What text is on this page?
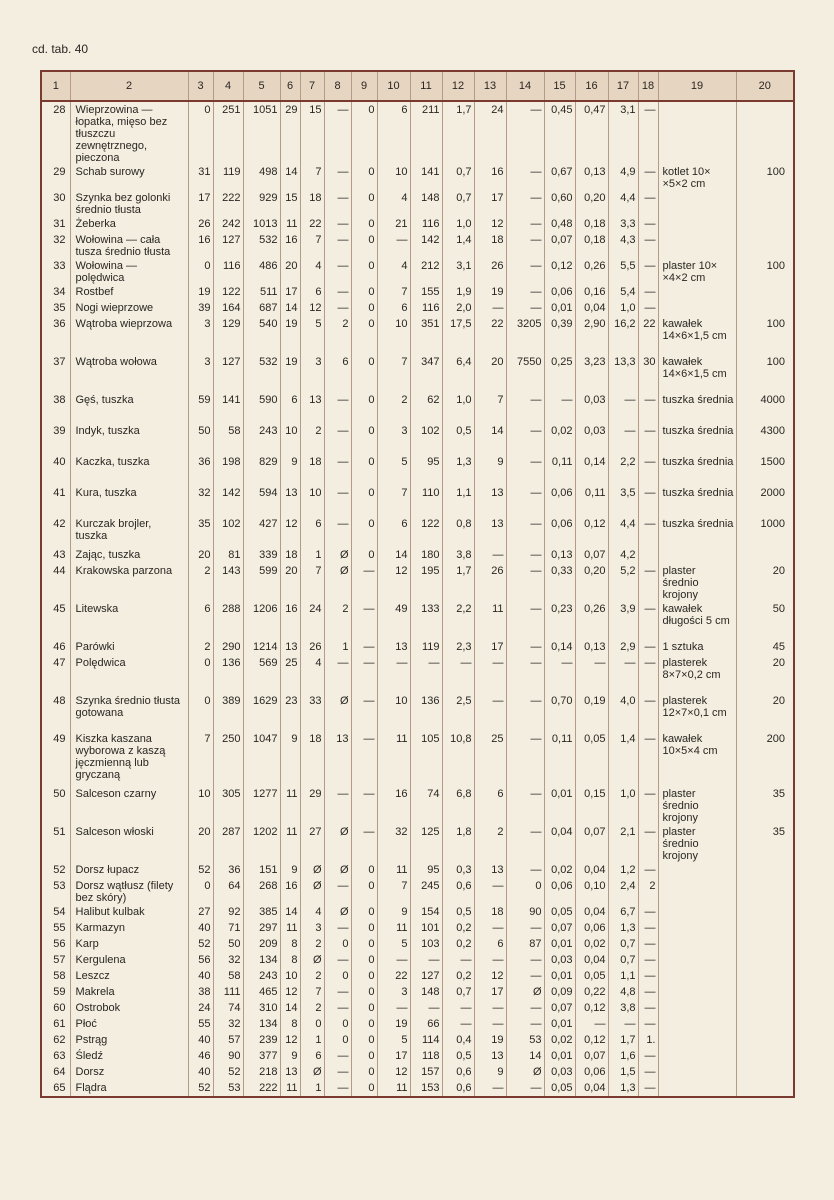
cd. tab. 40
1	2	3	4	5	6	7	8	9	10	11	12	13	14	15	16	17	18	19	20
28	Wieprzowina — łopatka, mięso bez tłuszczu zewnętrznego, pieczona	0	251	1051	29	15	—	0	6	211	1,7	24	—	0,45	0,47	3,1	—		
29	Schab surowy	31	119	498	14	7	—	0	10	141	0,7	16	—	0,67	0,13	4,9	—	kotlet 10× ×5×2 cm	100
30	Szynka bez golonki średnio tłusta	17	222	929	15	18	—	0	4	148	0,7	17	—	0,60	0,20	4,4	—		
31	Żeberka	26	242	1013	11	22	—	0	21	116	1,0	12	—	0,48	0,18	3,3	—		
32	Wołowina — cała tusza średnio tłusta	16	127	532	16	7	—	0	—	142	1,4	18	—	0,07	0,18	4,3	—		
33	Wołowina — polędwica	0	116	486	20	4	—	0	4	212	3,1	26	—	0,12	0,26	5,5	—	plaster 10× ×4×2 cm	100
34	Rostbef	19	122	511	17	6	—	0	7	155	1,9	19	—	0,06	0,16	5,4	—		
35	Nogi wieprzowe	39	164	687	14	12	—	0	6	116	2,0	—	—	0,01	0,04	1,0	—		
36	Wątroba wieprzowa	3	129	540	19	5	2	0	10	351	17,5	22	3205	0,39	2,90	16,2	22	kawałek 14×6×1,5 cm	100
37	Wątroba wołowa	3	127	532	19	3	6	0	7	347	6,4	20	7550	0,25	3,23	13,3	30	kawałek 14×6×1,5 cm	100
38	Gęś, tuszka	59	141	590	6	13	—	0	2	62	1,0	7	—	—	0,03	—	—	tuszka średnia	4000
39	Indyk, tuszka	50	58	243	10	2	—	0	3	102	0,5	14	—	0,02	0,03	—	—	tuszka średnia	4300
40	Kaczka, tuszka	36	198	829	9	18	—	0	5	95	1,3	9	—	0,11	0,14	2,2	—	tuszka średnia	1500
41	Kura, tuszka	32	142	594	13	10	—	0	7	110	1,1	13	—	0,06	0,11	3,5	—	tuszka średnia	2000
42	Kurczak brojler, tuszka	35	102	427	12	6	—	0	6	122	0,8	13	—	0,06	0,12	4,4	—	tuszka średnia	1000
43	Zając, tuszka	20	81	339	18	1	Ø	0	14	180	3,8	—	—	0,13	0,07	4,2			
44	Krakowska parzona	2	143	599	20	7	Ø	—	12	195	1,7	26	—	0,33	0,20	5,2	—	plaster średnio krojony	20
45	Litewska	6	288	1206	16	24	2	—	49	133	2,2	11	—	0,23	0,26	3,9	—	kawałek długości 5 cm	50
46	Parówki	2	290	1214	13	26	1	—	13	119	2,3	17	—	0,14	0,13	2,9	—	1 sztuka	45
47	Polędwica	0	136	569	25	4	—	—	—	—	—	—	—	—	—	—	—	plasterek 8×7×0,2 cm	20
48	Szynka średnio tłusta gotowana	0	389	1629	23	33	Ø	—	10	136	2,5	—	—	0,70	0,19	4,0	—	plasterek 12×7×0,1 cm	20
49	Kiszka kaszana wyborowa z kaszą jęczmienną lub gryczaną	7	250	1047	9	18	13	—	11	105	10,8	25	—	0,11	0,05	1,4	—	kawałek 10×5×4 cm	200
50	Salceson czarny	10	305	1277	11	29	—	—	16	74	6,8	6	—	0,01	0,15	1,0	—	plaster średnio krojony	35
51	Salceson włoski	20	287	1202	11	27	Ø	—	32	125	1,8	2	—	0,04	0,07	2,1	—	plaster średnio krojony	35
52	Dorsz łupacz	52	36	151	9	Ø	Ø	0	11	95	0,3	13	—	0,02	0,04	1,2	—		
53	Dorsz wątłusz (filety bez skóry)	0	64	268	16	Ø	—	0	7	245	0,6	—	0	0,06	0,10	2,4	2		
54	Halibut kulbak	27	92	385	14	4	Ø	0	9	154	0,5	18	90	0,05	0,04	6,7	—		
55	Karmazyn	40	71	297	11	3	—	0	11	101	0,2	—	—	0,07	0,06	1,3	—		
56	Karp	52	50	209	8	2	0	0	5	103	0,2	6	87	0,01	0,02	0,7	—		
57	Kergulena	56	32	134	8	Ø	—	0	—	—	—	—	—	0,03	0,04	0,7	—		
58	Leszcz	40	58	243	10	2	0	0	22	127	0,2	12	—	0,01	0,05	1,1	—		
59	Makrela	38	111	465	12	7	—	0	3	148	0,7	17	Ø	0,09	0,22	4,8	—		
60	Ostrobok	24	74	310	14	2	—	0	—	—	—	—	—	0,07	0,12	3,8	—		
61	Płoć	55	32	134	8	0	0	0	19	66	—	—	—	0,01	—	—	—		
62	Pstrąg	40	57	239	12	1	0	0	5	114	0,4	19	53	0,02	0,12	1,7	1.		
63	Śledź	46	90	377	9	6	—	0	17	118	0,5	13	14	0,01	0,07	1,6	—		
64	Dorsz	40	52	218	13	Ø	—	0	12	157	0,6	9	Ø	0,03	0,06	1,5	—		
65	Flądra	52	53	222	11	1	—	0	11	153	0,6	—	—	0,05	0,04	1,3	—		
